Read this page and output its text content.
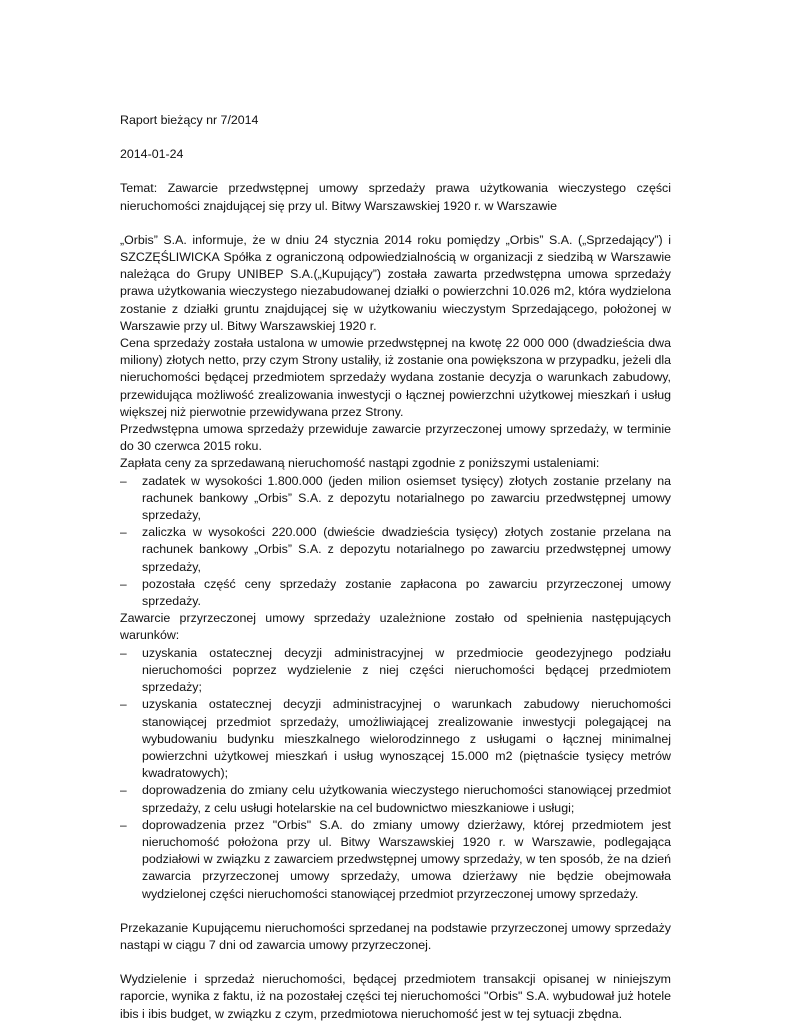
Raport bieżący nr 7/2014

2014-01-24

Temat: Zawarcie przedwstępnej umowy sprzedaży prawa użytkowania wieczystego części nieruchomości znajdującej się przy ul. Bitwy Warszawskiej 1920 r. w Warszawie

„Orbis” S.A. informuje, że w dniu 24 stycznia 2014 roku pomiędzy „Orbis” S.A. („Sprzedający”) i SZCZĘŚLIWICKA Spółka z ograniczoną odpowiedzialnością w organizacji z siedzibą w Warszawie należąca do Grupy UNIBEP S.A.(„Kupujący”) została zawarta przedwstępna umowa sprzedaży prawa użytkowania wieczystego niezabudowanej działki o powierzchni 10.026 m2, która wydzielona zostanie z działki gruntu znajdującej się w użytkowaniu wieczystym Sprzedającego, położonej w Warszawie przy ul. Bitwy Warszawskiej 1920 r.

Cena sprzedaży została ustalona w umowie przedwstępnej na kwotę 22 000 000 (dwadzieścia dwa miliony) złotych netto, przy czym Strony ustaliły, iż zostanie ona powiększona w przypadku, jeżeli dla nieruchomości będącej przedmiotem sprzedaży wydana zostanie decyzja o warunkach zabudowy, przewidująca możliwość zrealizowania inwestycji o łącznej powierzchni użytkowej mieszkań i usług większej niż pierwotnie przewidywana przez Strony.

Przedwstępna umowa sprzedaży przewiduje zawarcie przyrzeczonej umowy sprzedaży, w terminie do 30 czerwca 2015 roku.

Zapłata ceny za sprzedawaną nieruchomość nastąpi zgodnie z poniższymi ustaleniami:

– zadatek w wysokości 1.800.000 (jeden milion osiemset tysięcy) złotych zostanie przelany na rachunek bankowy „Orbis” S.A. z depozytu notarialnego po zawarciu przedwstępnej umowy sprzedaży,
– zaliczka w wysokości 220.000 (dwieście dwadzieścia tysięcy) złotych zostanie przelana na rachunek bankowy „Orbis” S.A. z depozytu notarialnego po zawarciu przedwstępnej umowy sprzedaży,
– pozostała część ceny sprzedaży zostanie zapłacona po zawarciu przyrzeczonej umowy sprzedaży.

Zawarcie przyrzeczonej umowy sprzedaży uzależnione zostało od spełnienia następujących warunków:

– uzyskania ostatecznej decyzji administracyjnej w przedmiocie geodezyjnego podziału nieruchomości poprzez wydzielenie z niej części nieruchomości będącej przedmiotem sprzedaży;
– uzyskania ostatecznej decyzji administracyjnej o warunkach zabudowy nieruchomości stanowiącej przedmiot sprzedaży, umożliwiającej zrealizowanie inwestycji polegającej na wybudowaniu budynku mieszkalnego wielorodzinnego z usługami o łącznej minimalnej powierzchni użytkowej mieszkań i usług wynoszącej 15.000 m2 (piętnaście tysięcy metrów kwadratowych);
– doprowadzenia do zmiany celu użytkowania wieczystego nieruchomości stanowiącej przedmiot sprzedaży, z celu usługi hotelarskie na cel budownictwo mieszkaniowe i usługi;
– doprowadzenia przez "Orbis" S.A. do zmiany umowy dzierżawy, której przedmiotem jest nieruchomość położona przy ul. Bitwy Warszawskiej 1920 r. w Warszawie, podlegająca podziałowi w związku z zawarciem przedwstępnej umowy sprzedaży, w ten sposób, że na dzień zawarcia przyrzeczonej umowy sprzedaży, umowa dzierżawy nie będzie obejmowała wydzielonej części nieruchomości stanowiącej przedmiot przyrzeczonej umowy sprzedaży.

Przekazanie Kupującemu nieruchomości sprzedanej na podstawie przyrzeczonej umowy sprzedaży nastąpi w ciągu 7 dni od zawarcia umowy przyrzeczonej.

Wydzielenie i sprzedaż nieruchomości, będącej przedmiotem transakcji opisanej w niniejszym raporcie, wynika z faktu, iż na pozostałej części tej nieruchomości "Orbis" S.A. wybudował już hotele ibis i ibis budget, w związku z czym, przedmiotowa nieruchomość jest w tej sytuacji zbędna.
